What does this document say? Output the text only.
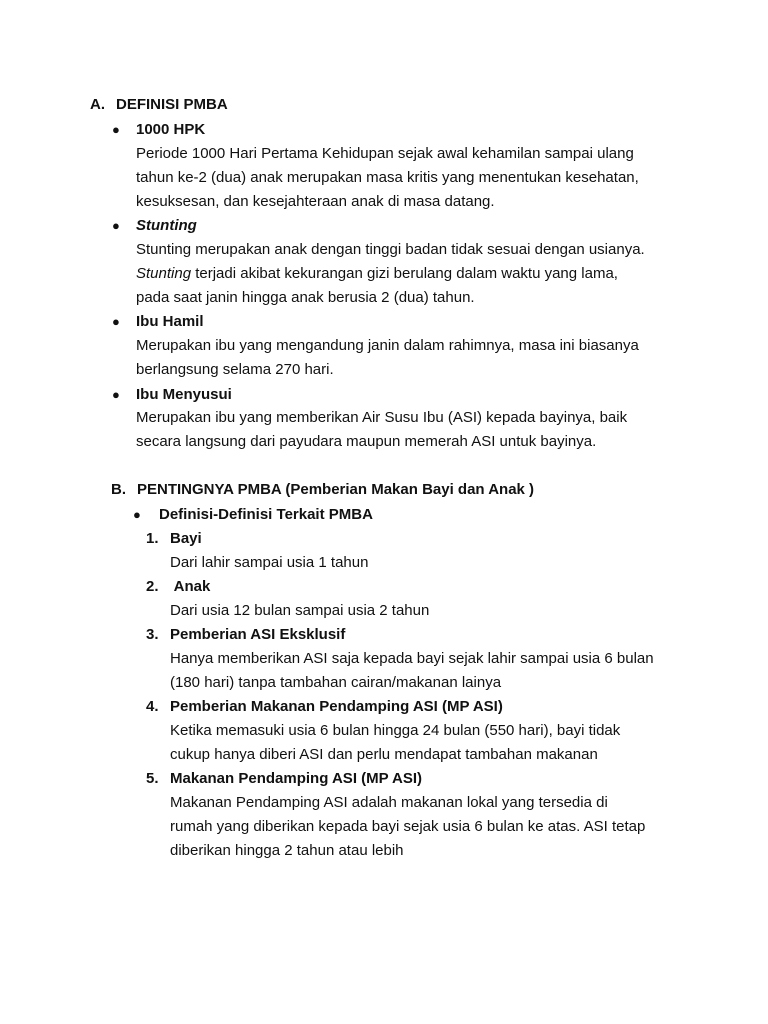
A. DEFINISI PMBA
● 1000 HPK
Periode 1000 Hari Pertama Kehidupan sejak awal kehamilan sampai ulang
tahun ke-2 (dua) anak merupakan masa kritis yang menentukan kesehatan,
kesuksesan, dan kesejahteraan anak di masa datang.
● Stunting
Stunting merupakan anak dengan tinggi badan tidak sesuai dengan usianya.
Stunting terjadi akibat kekurangan gizi berulang dalam waktu yang lama,
pada saat janin hingga anak berusia 2 (dua) tahun.
● Ibu Hamil
Merupakan ibu yang mengandung janin dalam rahimnya, masa ini biasanya
berlangsung selama 270 hari.
● Ibu Menyusui
Merupakan ibu yang memberikan Air Susu Ibu (ASI) kepada bayinya, baik
secara langsung dari payudara maupun memerah ASI untuk bayinya.
B. PENTINGNYA PMBA (Pemberian Makan Bayi dan Anak )
● Definisi-Definisi Terkait PMBA
1. Bayi
Dari lahir sampai usia 1 tahun
2. Anak
Dari usia 12 bulan sampai usia 2 tahun
3. Pemberian ASI Eksklusif
Hanya memberikan ASI saja kepada bayi sejak lahir sampai usia 6 bulan
(180 hari) tanpa tambahan cairan/makanan lainya
4. Pemberian Makanan Pendamping ASI (MP ASI)
Ketika memasuki usia 6 bulan hingga 24 bulan (550 hari), bayi tidak
cukup hanya diberi ASI dan perlu mendapat tambahan makanan
5. Makanan Pendamping ASI (MP ASI)
Makanan Pendamping ASI adalah makanan lokal yang tersedia di
rumah yang diberikan kepada bayi sejak usia 6 bulan ke atas. ASI tetap
diberikan hingga 2 tahun atau lebih
